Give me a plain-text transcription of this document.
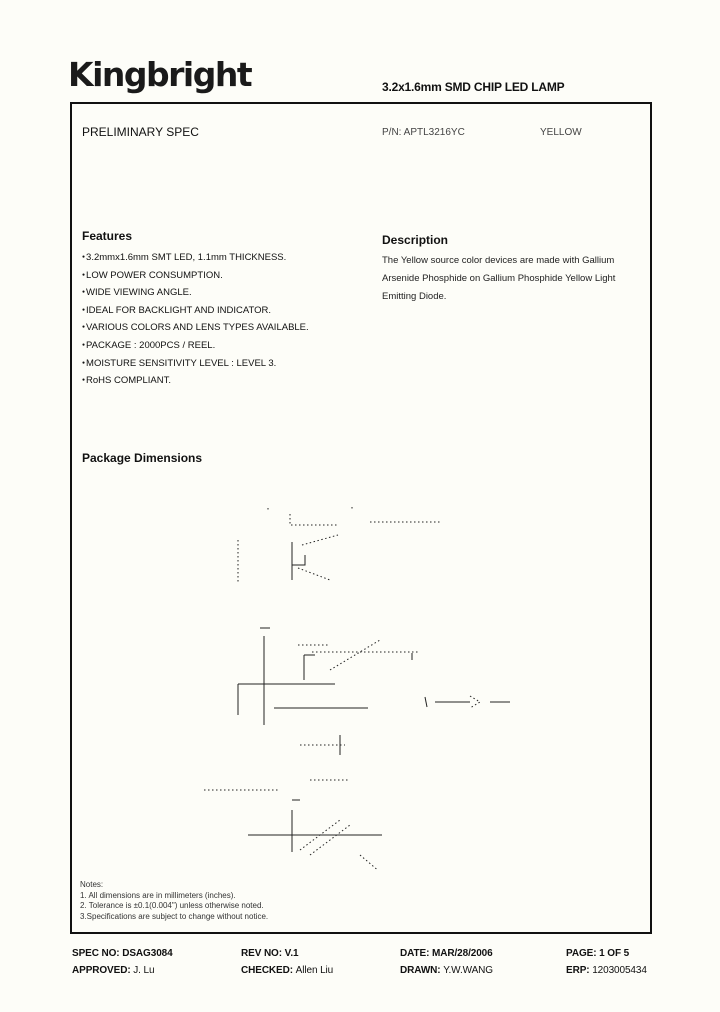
Kingbright	3.2x1.6mm SMD CHIP LED LAMP
PRELIMINARY SPEC	P/N: APTL3216YC	YELLOW
Features
● 3.2mmx1.6mm SMT LED, 1.1mm THICKNESS.
● LOW POWER CONSUMPTION.
● WIDE VIEWING ANGLE.
● IDEAL FOR BACKLIGHT AND INDICATOR.
● VARIOUS COLORS AND LENS TYPES AVAILABLE.
● PACKAGE : 2000PCS / REEL.
● MOISTURE SENSITIVITY LEVEL : LEVEL 3.
● RoHS COMPLIANT.
Description
The Yellow source color devices are made with Gallium Arsenide Phosphide on Gallium Phosphide Yellow Light Emitting Diode.
Package Dimensions
Notes:
1. All dimensions are in millimeters (inches).
2. Tolerance is ±0.1(0.004") unless otherwise noted.
3.Specifications are subject to change without notice.
SPEC NO: DSAG3084	REV NO: V.1	DATE: MAR/28/2006	PAGE: 1 OF 5
APPROVED: J. Lu	CHECKED: Allen Liu	DRAWN: Y.W.WANG	ERP: 1203005434
